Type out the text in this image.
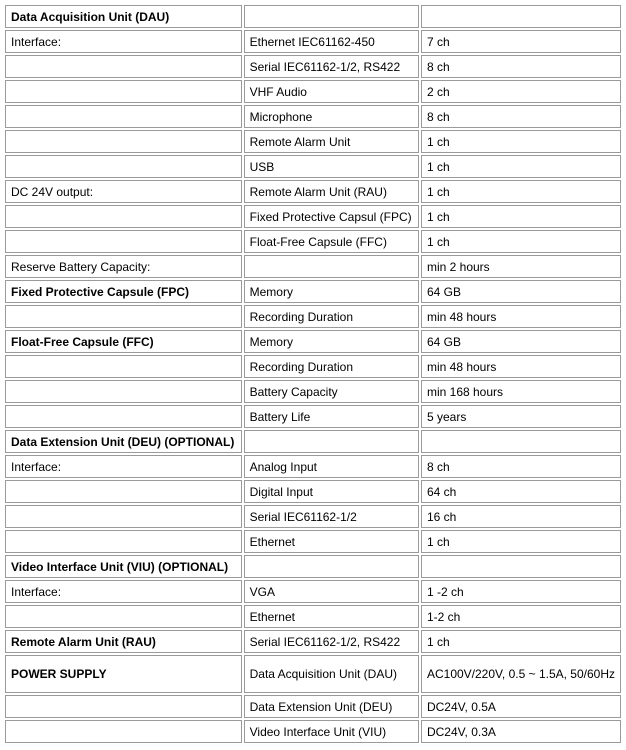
Data Acquisition Unit (DAU)		
Interface:	Ethernet IEC61162-450	7 ch
	Serial IEC61162-1/2, RS422	8 ch
	VHF Audio	2 ch
	Microphone	8 ch
	Remote Alarm Unit	1 ch
	USB	1 ch
DC 24V output:	Remote Alarm Unit (RAU)	1 ch
	Fixed Protective Capsul (FPC)	1 ch
	Float-Free Capsule (FFC)	1 ch
Reserve Battery Capacity:		min 2 hours
Fixed Protective Capsule (FPC)	Memory	64 GB
	Recording Duration	min 48 hours
Float-Free Capsule (FFC)	Memory	64 GB
	Recording Duration	min 48 hours
	Battery Capacity	min 168 hours
	Battery Life	5 years
Data Extension Unit (DEU) (OPTIONAL)		
Interface:	Analog Input	8 ch
	Digital Input	64 ch
	Serial IEC61162-1/2	16 ch
	Ethernet	1 ch
Video Interface Unit (VIU) (OPTIONAL)		
Interface:	VGA	1 -2 ch
	Ethernet	1-2 ch
Remote Alarm Unit (RAU)	Serial IEC61162-1/2, RS422	1 ch
POWER SUPPLY	Data Acquisition Unit (DAU)	AC100V/220V, 0.5 ~ 1.5A, 50/60Hz
	Data Extension Unit (DEU)	DC24V, 0.5A
	Video Interface Unit (VIU)	DC24V, 0.3A
